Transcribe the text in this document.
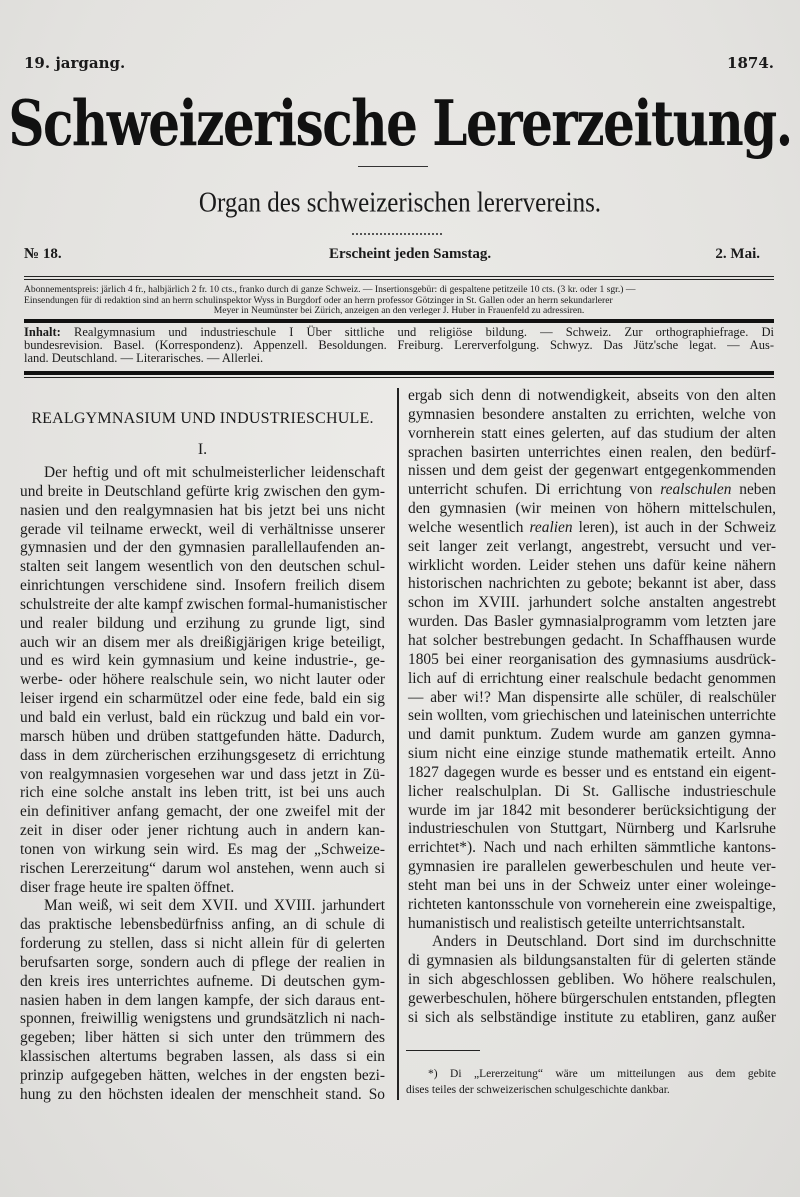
19. jargang.	1874.
Schweizerische Lererzeitung.
Organ des schweizerischen lerervereins.
№ 18.	Erscheint jeden Samstag.	2. Mai.
Abonnementspreis: järlich 4 fr., halbjärlich 2 fr. 10 cts., franko durch di ganze Schweiz. — Insertionsgebür: di gespaltene petitzeile 10 cts. (3 kr. oder 1 sgr.) —
Einsendungen für di redaktion sind an herrn schulinspektor Wyss in Burgdorf oder an herrn professor Götzinger in St. Gallen oder an herrn sekundarlerer
Meyer in Neumünster bei Zürich, anzeigen an den verleger J. Huber in Frauenfeld zu adressiren.
Inhalt: Realgymnasium und industrieschule I Über sittliche und religiöse bildung. — Schweiz. Zur orthographiefrage. Di
bundesrevision. Basel. (Korrespondenz). Appenzell. Besoldungen. Freiburg. Lererverfolgung. Schwyz. Das Jütz'sche legat. — Aus-
land. Deutschland. — Literarisches. — Allerlei.
REALGYMNASIUM UND INDUSTRIESCHULE.
I.
Der heftig und oft mit schulmeisterlicher leidenschaft
und breite in Deutschland gefürte krig zwischen den gym-
nasien und den realgymnasien hat bis jetzt bei uns nicht
gerade vil teilname erweckt, weil di verhältnisse unserer
gymnasien und der den gymnasien parallellaufenden an-
stalten seit langem wesentlich von den deutschen schul-
einrichtungen verschidene sind. Insofern freilich disem
schulstreite der alte kampf zwischen formal-humanistischer
und realer bildung und erzihung zu grunde ligt, sind
auch wir an disem mer als dreißigjärigen krige beteiligt,
und es wird kein gymnasium und keine industrie-, ge-
werbe- oder höhere realschule sein, wo nicht lauter oder
leiser irgend ein scharmützel oder eine fede, bald ein sig
und bald ein verlust, bald ein rückzug und bald ein vor-
marsch hüben und drüben stattgefunden hätte. Dadurch,
dass in dem zürcherischen erzihungsgesetz di errichtung
von realgymnasien vorgesehen war und dass jetzt in Zü-
rich eine solche anstalt ins leben tritt, ist bei uns auch
ein definitiver anfang gemacht, der one zweifel mit der
zeit in diser oder jener richtung auch in andern kan-
tonen von wirkung sein wird. Es mag der „Schweize-
rischen Lererzeitung“ darum wol anstehen, wenn auch si
diser frage heute ire spalten öffnet.
Man weiß, wi seit dem XVII. und XVIII. jarhundert
das praktische lebensbedürfniss anfing, an di schule di
forderung zu stellen, dass si nicht allein für di gelerten
berufsarten sorge, sondern auch di pflege der realien in
den kreis ires unterrichtes aufneme. Di deutschen gym-
nasien haben in dem langen kampfe, der sich daraus ent-
sponnen, freiwillig wenigstens und grundsätzlich ni nach-
gegeben; liber hätten si sich unter den trümmern des
klassischen altertums begraben lassen, als dass si ein
prinzip aufgegeben hätten, welches in der engsten bezi-
hung zu den höchsten idealen der menschheit stand. So
ergab sich denn di notwendigkeit, abseits von den alten
gymnasien besondere anstalten zu errichten, welche von
vornherein statt eines gelerten, auf das studium der alten
sprachen basirten unterrichtes einen realen, den bedürf-
nissen und dem geist der gegenwart entgegenkommenden
unterricht schufen. Di errichtung von realschulen neben
den gymnasien (wir meinen von höhern mittelschulen,
welche wesentlich realien leren), ist auch in der Schweiz
seit langer zeit verlangt, angestrebt, versucht und ver-
wirklicht worden. Leider stehen uns dafür keine nähern
historischen nachrichten zu gebote; bekannt ist aber, dass
schon im XVIII. jarhundert solche anstalten angestrebt
wurden. Das Basler gymnasialprogramm vom letzten jare
hat solcher bestrebungen gedacht. In Schaffhausen wurde
1805 bei einer reorganisation des gymnasiums ausdrück-
lich auf di errichtung einer realschule bedacht genommen
— aber wi!? Man dispensirte alle schüler, di realschüler
sein wollten, vom griechischen und lateinischen unterrichte
und damit punktum. Zudem wurde am ganzen gymna-
sium nicht eine einzige stunde mathematik erteilt. Anno
1827 dagegen wurde es besser und es entstand ein eigent-
licher realschulplan. Di St. Gallische industrieschule
wurde im jar 1842 mit besonderer berücksichtigung der
industrieschulen von Stuttgart, Nürnberg und Karlsruhe
errichtet*). Nach und nach erhilten sämmtliche kantons-
gymnasien ire parallelen gewerbeschulen und heute ver-
steht man bei uns in der Schweiz unter einer woleinge-
richteten kantonsschule von vorneherein eine zweispaltige,
humanistisch und realistisch geteilte unterrichtsanstalt.
Anders in Deutschland. Dort sind im durchschnitte
di gymnasien als bildungsanstalten für di gelerten stände
in sich abgeschlossen gebliben. Wo höhere realschulen,
gewerbeschulen, höhere bürgerschulen entstanden, pflegten
si sich als selbständige institute zu etabliren, ganz außer
*) Di „Lererzeitung“ wäre um mitteilungen aus dem gebite
dises teiles der schweizerischen schulgeschichte dankbar.
